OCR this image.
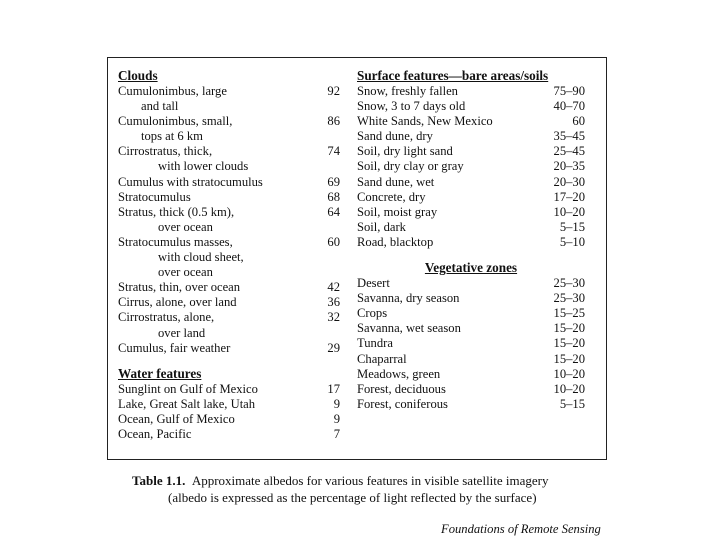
Clouds
Cumulonimbus, large	92
and tall
Cumulonimbus, small,	86
tops at 6 km
Cirrostratus, thick,	74
with lower clouds
Cumulus with stratocumulus	69
Stratocumulus	68
Stratus, thick (0.5 km),	64
over ocean
Stratocumulus masses,	60
with cloud sheet,
over ocean
Stratus, thin, over ocean	42
Cirrus, alone, over land	36
Cirrostratus, alone,	32
over land
Cumulus, fair weather	29
Water features
Sunglint on Gulf of Mexico	17
Lake, Great Salt lake, Utah	9
Ocean, Gulf of Mexico	9
Ocean, Pacific	7
Surface features—bare areas/soils
Snow, freshly fallen	75–90
Snow, 3 to 7 days old	40–70
White Sands, New Mexico	60
Sand dune, dry	35–45
Soil, dry light sand	25–45
Soil, dry clay or gray	20–35
Sand dune, wet	20–30
Concrete, dry	17–20
Soil, moist gray	10–20
Soil, dark	5–15
Road, blacktop	5–10
Vegetative zones
Desert	25–30
Savanna, dry season	25–30
Crops	15–25
Savanna, wet season	15–20
Tundra	15–20
Chaparral	15–20
Meadows, green	10–20
Forest, deciduous	10–20
Forest, coniferous	5–15
Table 1.1. Approximate albedos for various features in visible satellite imagery
(albedo is expressed as the percentage of light reflected by the surface)
Foundations of Remote Sensing
